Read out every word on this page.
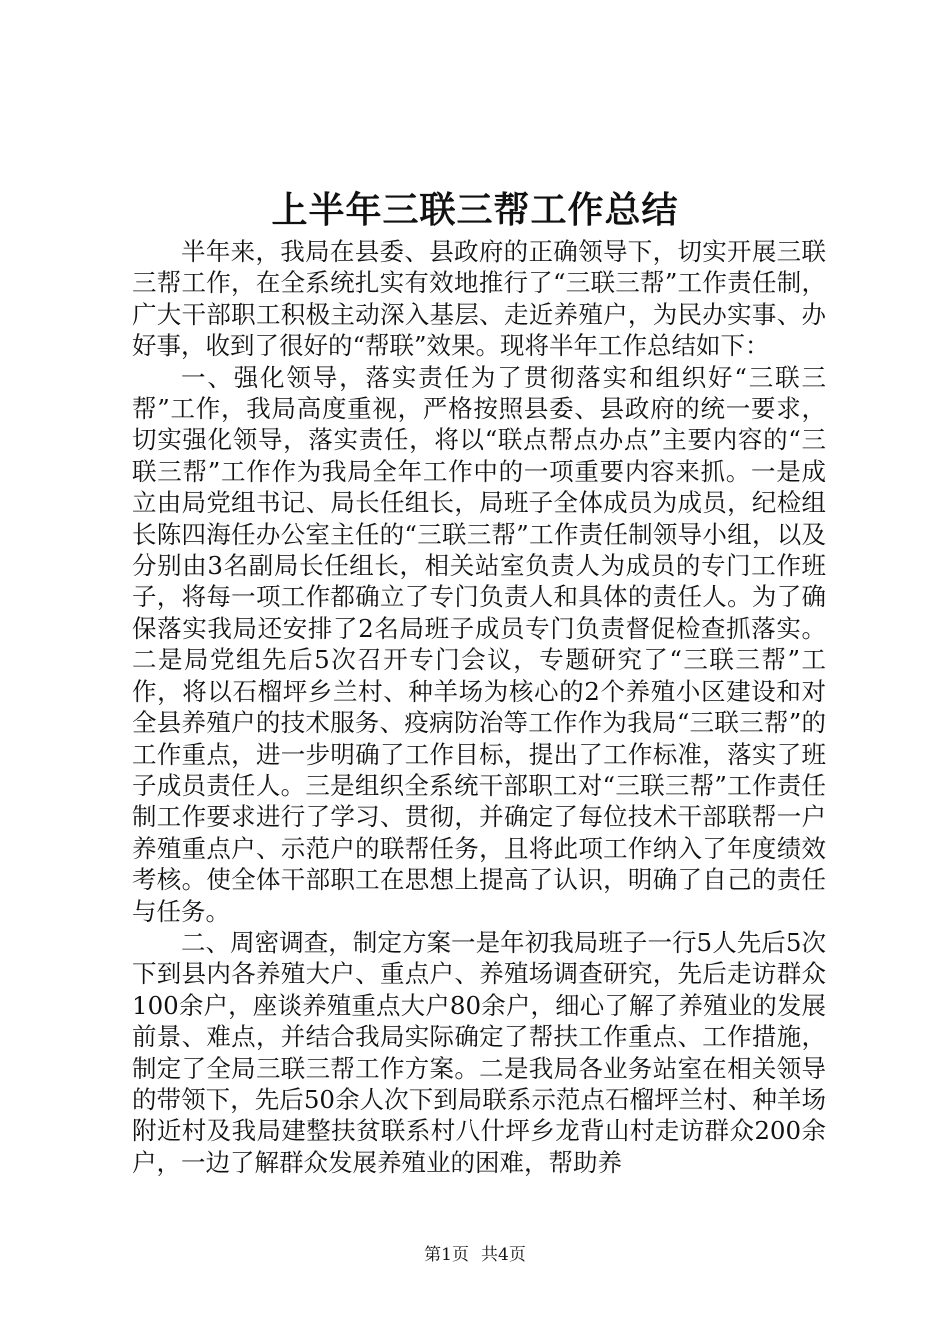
上半年三联三帮工作总结

半年来，我局在县委、县政府的正确领导下，切实开展三联三帮工作，在全系统扎实有效地推行了“三联三帮”工作责任制，广大干部职工积极主动深入基层、走近养殖户，为民办实事、办好事，收到了很好的“帮联”效果。现将半年工作总结如下：

一、强化领导，落实责任为了贯彻落实和组织好“三联三帮”工作，我局高度重视，严格按照县委、县政府的统一要求，切实强化领导，落实责任，将以“联点帮点办点”主要内容的“三联三帮”工作作为我局全年工作中的一项重要内容来抓。一是成立由局党组书记、局长任组长，局班子全体成员为成员，纪检组长陈四海任办公室主任的“三联三帮”工作责任制领导小组，以及分别由3名副局长任组长，相关站室负责人为成员的专门工作班子，将每一项工作都确立了专门负责人和具体的责任人。为了确保落实我局还安排了2名局班子成员专门负责督促检查抓落实。二是局党组先后5次召开专门会议，专题研究了“三联三帮”工作，将以石榴坪乡兰村、种羊场为核心的2个养殖小区建设和对全县养殖户的技术服务、疫病防治等工作作为我局“三联三帮”的工作重点，进一步明确了工作目标，提出了工作标准，落实了班子成员责任人。三是组织全系统干部职工对“三联三帮”工作责任制工作要求进行了学习、贯彻，并确定了每位技术干部联帮一户养殖重点户、示范户的联帮任务，且将此项工作纳入了年度绩效考核。使全体干部职工在思想上提高了认识，明确了自己的责任与任务。

二、周密调查，制定方案一是年初我局班子一行5人先后5次下到县内各养殖大户、重点户、养殖场调查研究，先后走访群众100余户，座谈养殖重点大户80余户，细心了解了养殖业的发展前景、难点，并结合我局实际确定了帮扶工作重点、工作措施，制定了全局三联三帮工作方案。二是我局各业务站室在相关领导的带领下，先后50余人次下到局联系示范点石榴坪兰村、种羊场附近村及我局建整扶贫联系村八什坪乡龙背山村走访群众200余户，一边了解群众发展养殖业的困难，帮助养

第1页 共4页
